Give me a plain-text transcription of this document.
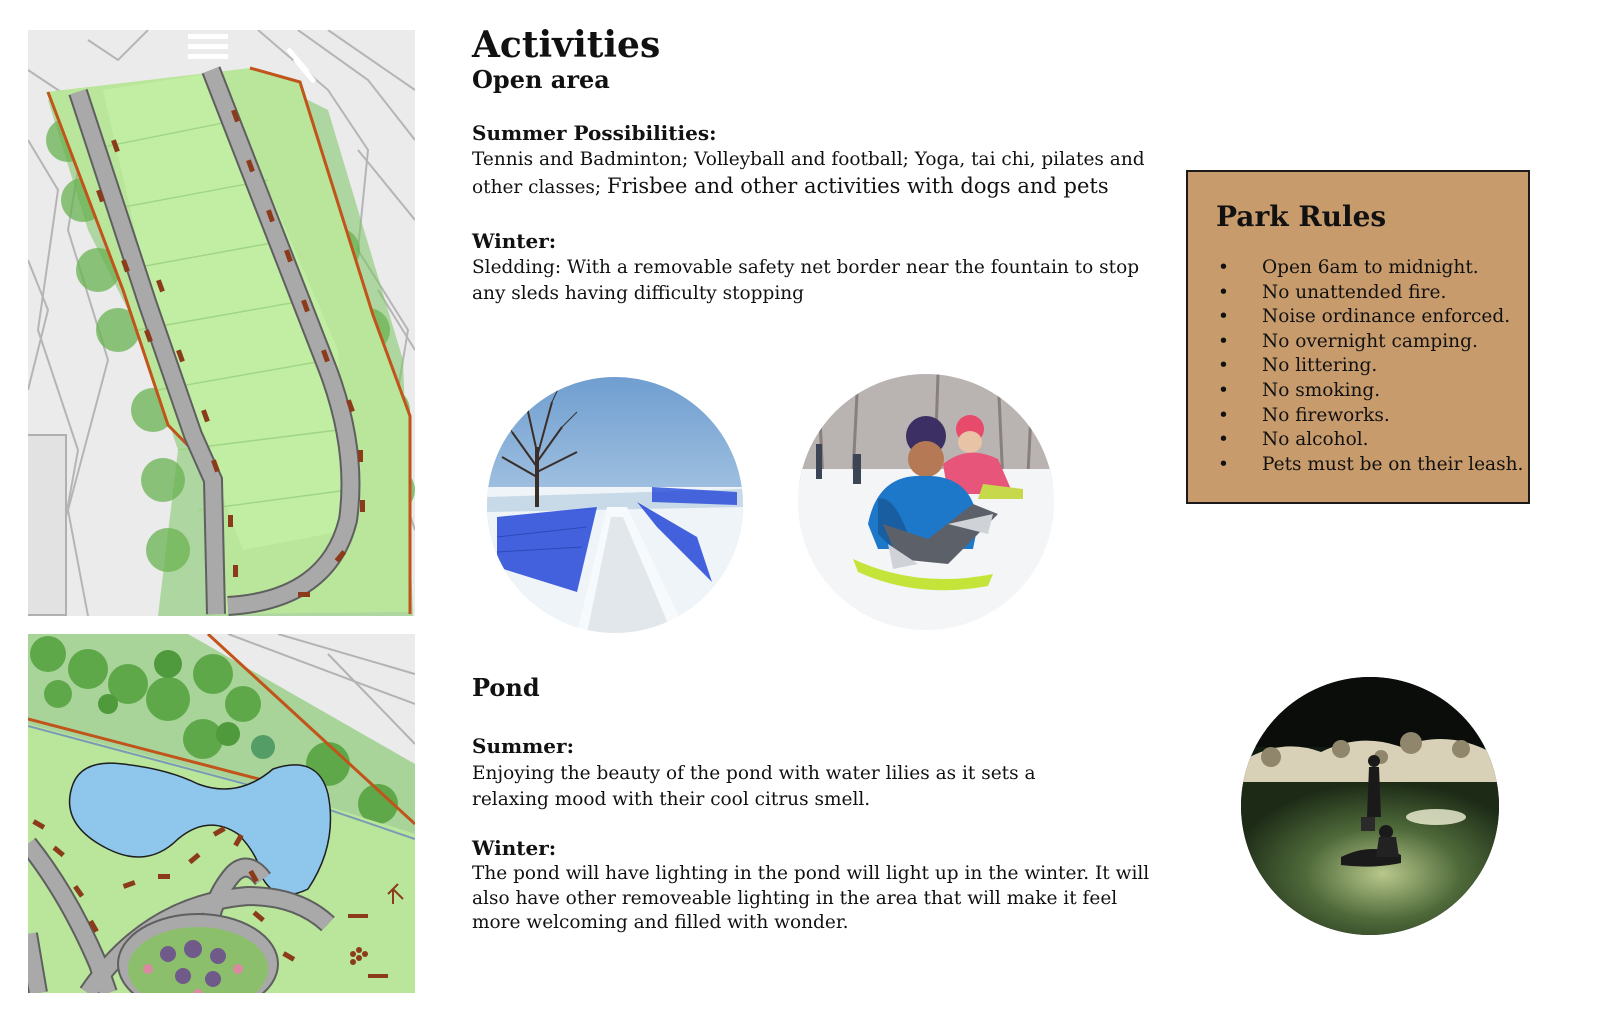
Activities
Open area
Summer Possibilities:
Tennis and Badminton; Volleyball and football; Yoga, tai chi, pilates and other classes; Frisbee and other activities with dogs and pets
Winter:
Sledding: With a removable safety net border near the fountain to stop any sleds having difficulty stopping
Pond
Summer:
Enjoying the beauty of the pond with water lilies as it sets a relaxing mood with their cool citrus smell.
Winter:
The pond will have lighting in the pond will light up in the winter. It will also have other removeable lighting in the area that will make it feel more welcoming and filled with wonder.
Park Rules
• Open 6am to midnight.
• No unattended fire.
• Noise ordinance enforced.
• No overnight camping.
• No littering.
• No smoking.
• No fireworks.
• No alcohol.
• Pets must be on their leash.
